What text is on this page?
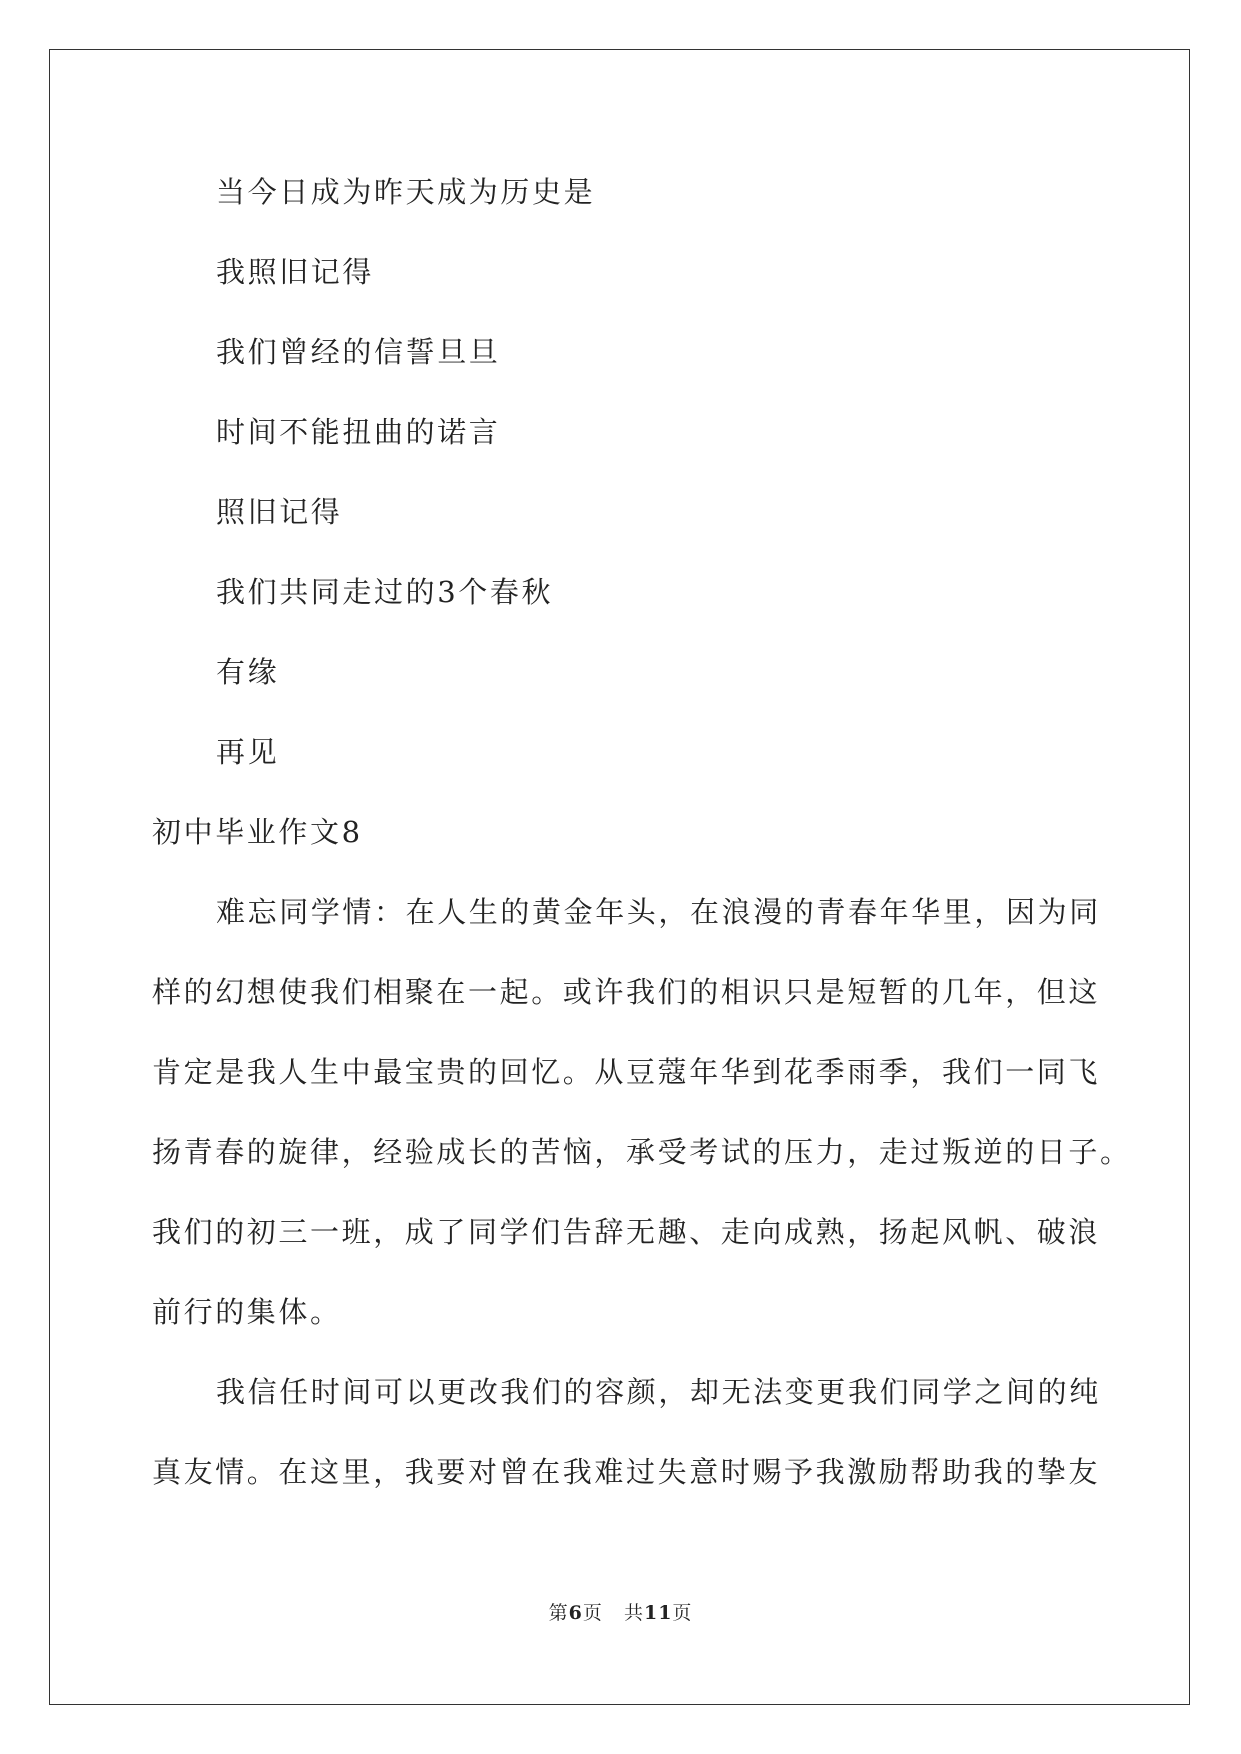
当今日成为昨天成为历史是
我照旧记得
我们曾经的信誓旦旦
时间不能扭曲的诺言
照旧记得
我们共同走过的3个春秋
有缘
再见
初中毕业作文8
难忘同学情：在人生的黄金年头，在浪漫的青春年华里，因为同
样的幻想使我们相聚在一起。或许我们的相识只是短暂的几年，但这
肯定是我人生中最宝贵的回忆。从豆蔻年华到花季雨季，我们一同飞
扬青春的旋律，经验成长的苦恼，承受考试的压力，走过叛逆的日子。
我们的初三一班，成了同学们告辞无趣、走向成熟，扬起风帆、破浪
前行的集体。
我信任时间可以更改我们的容颜，却无法变更我们同学之间的纯
真友情。在这里，我要对曾在我难过失意时赐予我激励帮助我的挚友
第6页 共11页
